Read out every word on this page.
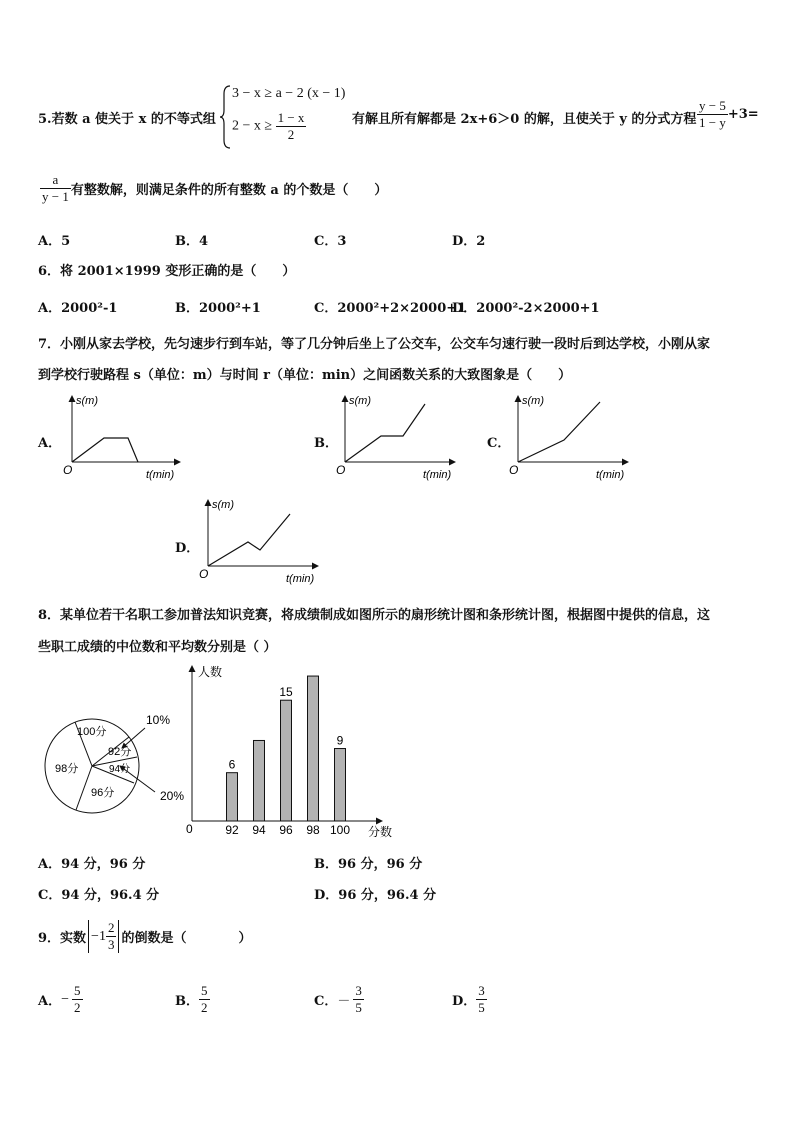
5.若数 a 使关于 x 的不等式组
3 − x ≥ a − 2 (x − 1)
$2 - x \ge \frac{1 - x}{2}$	有解且所有解都是 2x+6＞0 的解，且使关于 y 的分式方程 $\frac{y - 5}{1 - y} +3=$
$\frac{a}{y - 1}$ 有整数解，则满足条件的所有整数 a 的个数是（　　）
A．5	B．4	C．3	D．2
6．将 2001×1999 变形正确的是（　　）
A．2000²-1	B．2000²+1	C．2000²+2×2000+1
D．2000²-2×2000+1
7．小刚从家去学校，先匀速步行到车站，等了几分钟后坐上了公交车，公交车匀速行驶一段时后到达学校，小刚从家
到学校行驶路程 s（单位：m）与时间 r（单位：min）之间函数关系的大致图象是（　　）
A．
s(m)
O	t(min)
B．
s(m)
O	t(min)
C．
s(m)
O	t(min)
D．
s(m)
O	t(min)
8．某单位若干名职工参加普法知识竞赛，将成绩制成如图所示的扇形统计图和条形统计图，根据图中提供的信息，这
些职工成绩的中位数和平均数分别是（ ）
100分
92分
94分
96分
98分
10%
20%
人数
分数
0	92
6
94 96
15
98 100
9
A．94 分，96 分	B．96 分，96 分
C．94 分，96.4 分	D．96 分，96.4 分
9．实数 $-1 \frac{2}{3}$ 的倒数是（　　　　）
A． − $\frac{5}{2}$	B． $\frac{5}{2}$	C． － $\frac{3}{5}$	D． $\frac{3}{5}$
